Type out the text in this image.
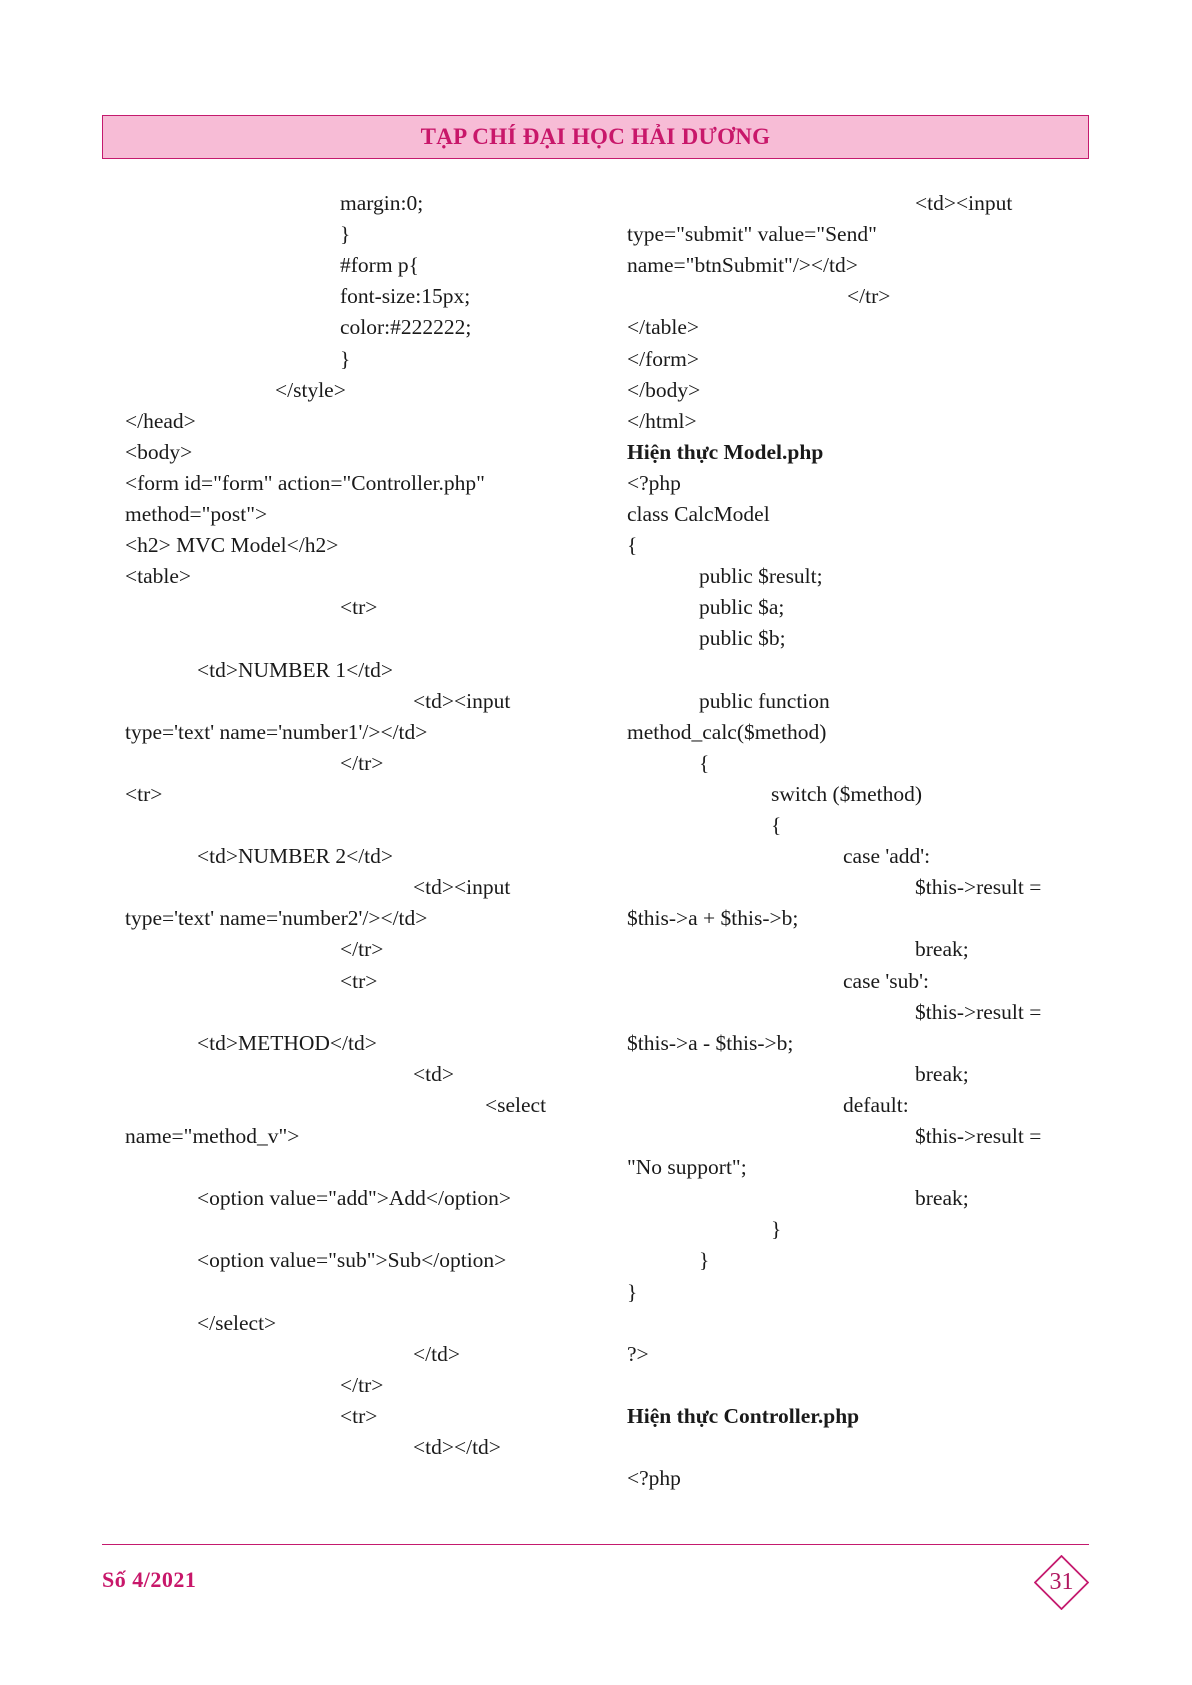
TẠP CHÍ ĐẠI HỌC HẢI DƯƠNG
margin:0;
}
#form p{
font-size:15px;
color:#222222;
}
</style>
</head>
<body>
<form id="form" action="Controller.php"
method="post">
<h2> MVC Model</h2>
<table>
<tr>
<td>NUMBER 1</td>
<td><input
type='text' name='number1'/></td>
</tr>
<tr>
<td>NUMBER 2</td>
<td><input
type='text' name='number2'/></td>
</tr>
<tr>
<td>METHOD</td>
<td>
<select
name="method_v">
<option value="add">Add</option>
<option value="sub">Sub</option>
</select>
</td>
</tr>
<tr>
<td></td>
<td><input
type="submit" value="Send"
name="btnSubmit"/></td>
</tr>
</table>
</form>
</body>
</html>
Hiện thực Model.php
<?php
class CalcModel
{
public $result;
public $a;
public $b;
public function
method_calc($method)
{
switch ($method)
{
case 'add':
$this->result =
$this->a + $this->b;
break;
case 'sub':
$this->result =
$this->a - $this->b;
break;
default:
$this->result =
"No support";
break;
}
}
}
?>
Hiện thực Controller.php
<?php
Số 4/2021	31
